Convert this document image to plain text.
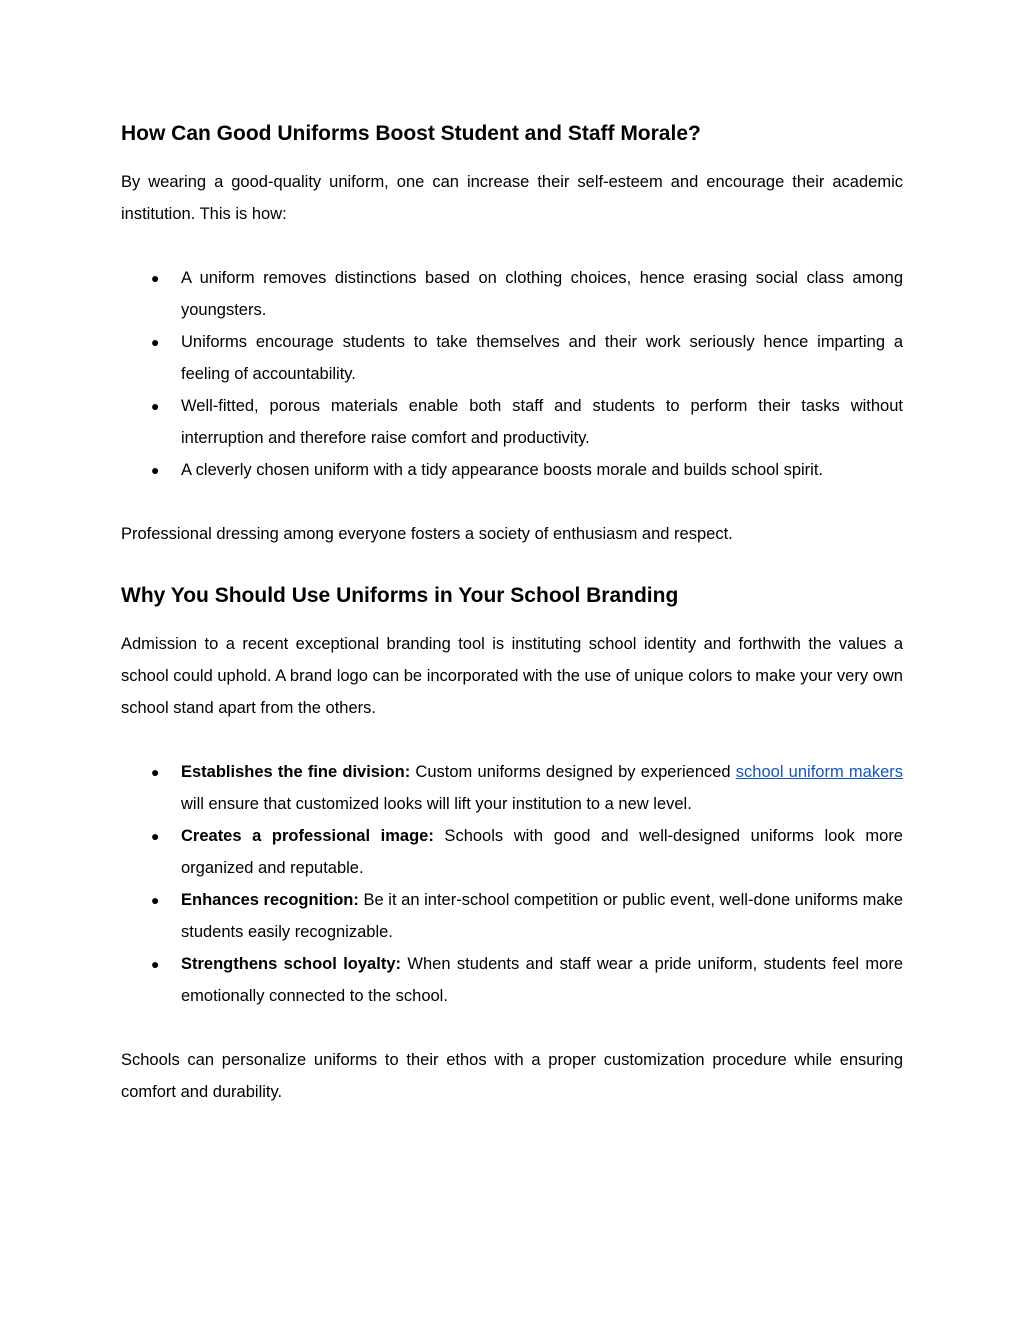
How Can Good Uniforms Boost Student and Staff Morale?

By wearing a good-quality uniform, one can increase their self-esteem and encourage their academic institution. This is how:

● A uniform removes distinctions based on clothing choices, hence erasing social class among youngsters.
● Uniforms encourage students to take themselves and their work seriously hence imparting a feeling of accountability.
● Well-fitted, porous materials enable both staff and students to perform their tasks without interruption and therefore raise comfort and productivity.
● A cleverly chosen uniform with a tidy appearance boosts morale and builds school spirit.

Professional dressing among everyone fosters a society of enthusiasm and respect.

Why You Should Use Uniforms in Your School Branding

Admission to a recent exceptional branding tool is instituting school identity and forthwith the values a school could uphold. A brand logo can be incorporated with the use of unique colors to make your very own school stand apart from the others.

● Establishes the fine division: Custom uniforms designed by experienced school uniform makers will ensure that customized looks will lift your institution to a new level.
● Creates a professional image: Schools with good and well-designed uniforms look more organized and reputable.
● Enhances recognition: Be it an inter-school competition or public event, well-done uniforms make students easily recognizable.
● Strengthens school loyalty: When students and staff wear a pride uniform, students feel more emotionally connected to the school.

Schools can personalize uniforms to their ethos with a proper customization procedure while ensuring comfort and durability.
